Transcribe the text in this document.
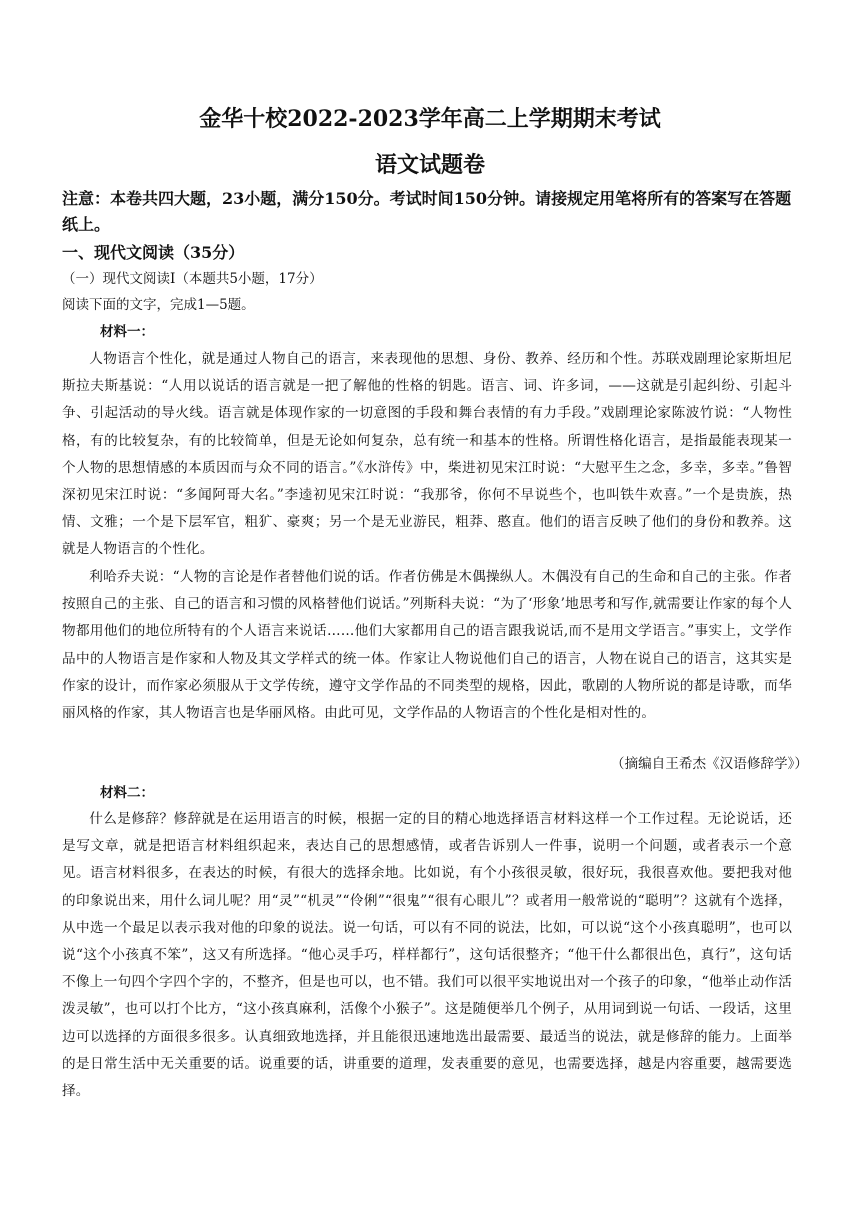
金华十校2022-2023学年高二上学期期末考试
语文试题卷
注意：本卷共四大题，23小题，满分150分。考试时间150分钟。请接规定用笔将所有的答案写在答题纸上。
一、现代文阅读（35分）
（一）现代文阅读Ⅰ（本题共5小题，17分）
阅读下面的文字，完成1—5题。
材料一：

人物语言个性化，就是通过人物自己的语言，来表现他的思想、身份、教养、经历和个性。苏联戏剧理论家斯坦尼斯拉夫斯基说：“人用以说话的语言就是一把了解他的性格的钥匙。语言、词、许多词，——这就是引起纠纷、引起斗争、引起活动的导火线。语言就是体现作家的一切意图的手段和舞台表情的有力手段。”戏剧理论家陈波竹说：“人物性格，有的比较复杂，有的比较简单，但是无论如何复杂，总有统一和基本的性格。所谓性格化语言，是指最能表现某一个人物的思想情感的本质因而与众不同的语言。”《水浒传》中，柴进初见宋江时说：“大慰平生之念，多幸，多幸。”鲁智深初见宋江时说：“多闻阿哥大名。”李逵初见宋江时说：“我那爷，你何不早说些个，也叫铁牛欢喜。”一个是贵族，热情、文雅；一个是下层军官，粗犷、豪爽；另一个是无业游民，粗莽、憨直。他们的语言反映了他们的身份和教养。这就是人物语言的个性化。

利哈乔夫说：“人物的言论是作者替他们说的话。作者仿佛是木偶操纵人。木偶没有自己的生命和自己的主张。作者按照自己的主张、自己的语言和习惯的风格替他们说话。”列斯科夫说：“为了‘形象’地思考和写作,就需要让作家的每个人物都用他们的地位所特有的个人语言来说话……他们大家都用自己的语言跟我说话,而不是用文学语言。”事实上，文学作品中的人物语言是作家和人物及其文学样式的统一体。作家让人物说他们自己的语言，人物在说自己的语言，这其实是作家的设计，而作家必须服从于文学传统，遵守文学作品的不同类型的规格，因此，歌剧的人物所说的都是诗歌，而华丽风格的作家，其人物语言也是华丽风格。由此可见，文学作品的人物语言的个性化是相对性的。

（摘编自王希杰《汉语修辞学》）
材料二：

什么是修辞？修辞就是在运用语言的时候，根据一定的目的精心地选择语言材料这样一个工作过程。无论说话，还是写文章，就是把语言材料组织起来，表达自己的思想感情，或者告诉别人一件事，说明一个问题，或者表示一个意见。语言材料很多，在表达的时候，有很大的选择余地。比如说，有个小孩很灵敏，很好玩，我很喜欢他。要把我对他的印象说出来，用什么词儿呢？用“灵”“机灵”“伶俐”“很鬼”“很有心眼儿”？或者用一般常说的“聪明”？这就有个选择，从中选一个最足以表示我对他的印象的说法。说一句话，可以有不同的说法，比如，可以说“这个小孩真聪明”，也可以说“这个小孩真不笨”，这又有所选择。“他心灵手巧，样样都行”，这句话很整齐；“他干什么都很出色，真行”，这句话不像上一句四个字四个字的，不整齐，但是也可以，也不错。我们可以很平实地说出对一个孩子的印象，“他举止动作活泼灵敏”，也可以打个比方，“这小孩真麻利，活像个小猴子”。这是随便举几个例子，从用词到说一句话、一段话，这里边可以选择的方面很多很多。认真细致地选择，并且能很迅速地选出最需要、最适当的说法，就是修辞的能力。上面举的是日常生活中无关重要的话。说重要的话，讲重要的道理，发表重要的意见，也需要选择，越是内容重要，越需要选择。
